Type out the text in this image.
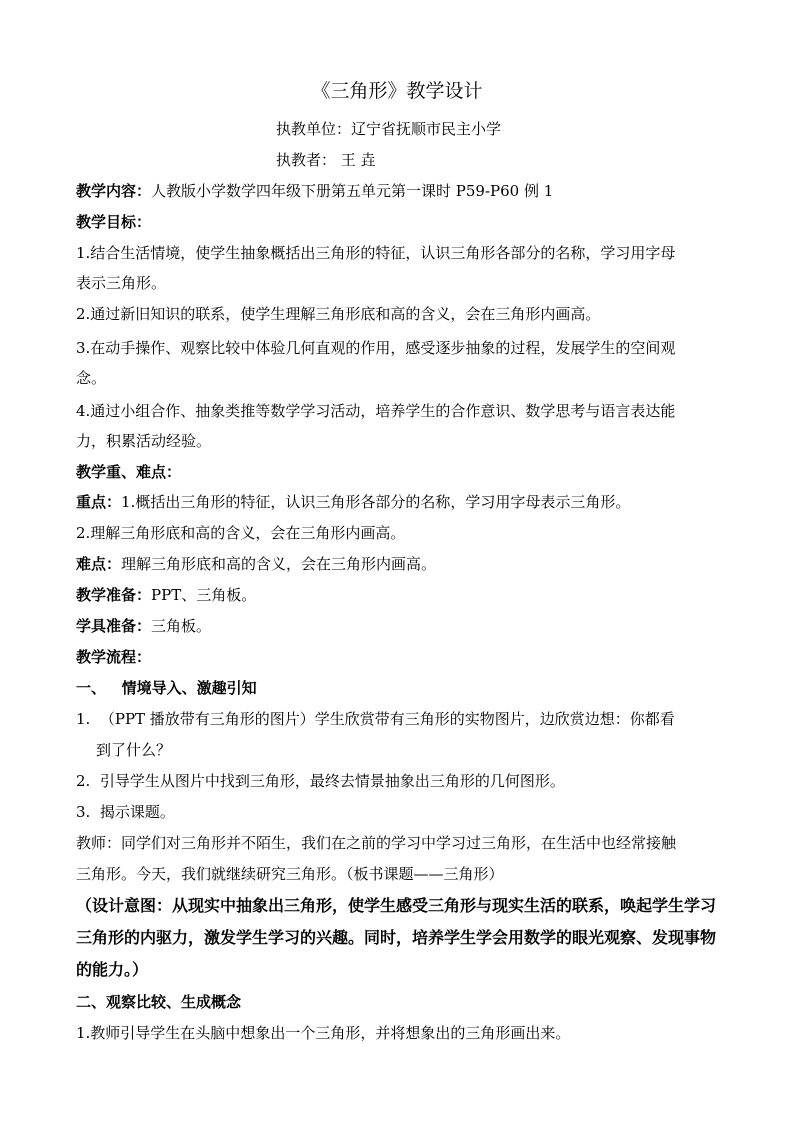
《三角形》教学设计
执教单位：辽宁省抚顺市民主小学
执教者： 王 垚
教学内容：人教版小学数学四年级下册第五单元第一课时 P59-P60 例 1
教学目标：
1.结合生活情境，使学生抽象概括出三角形的特征，认识三角形各部分的名称，学习用字母
表示三角形。
2.通过新旧知识的联系，使学生理解三角形底和高的含义，会在三角形内画高。
3.在动手操作、观察比较中体验几何直观的作用，感受逐步抽象的过程，发展学生的空间观
念。
4.通过小组合作、抽象类推等数学学习活动，培养学生的合作意识、数学思考与语言表达能
力，积累活动经验。
教学重、难点：
重点：1.概括出三角形的特征，认识三角形各部分的名称，学习用字母表示三角形。
2.理解三角形底和高的含义，会在三角形内画高。
难点：理解三角形底和高的含义，会在三角形内画高。
教学准备：PPT、三角板。
学具准备：三角板。
教学流程：
一、   情境导入、激趣引知
1.  （PPT 播放带有三角形的图片）学生欣赏带有三角形的实物图片，边欣赏边想：你都看
到了什么？
2.  引导学生从图片中找到三角形，最终去情景抽象出三角形的几何图形。
3.  揭示课题。
教师：同学们对三角形并不陌生，我们在之前的学习中学习过三角形，在生活中也经常接触
三角形。今天，我们就继续研究三角形。（板书课题——三角形）
（设计意图：从现实中抽象出三角形，使学生感受三角形与现实生活的联系，唤起学生学习
三角形的内驱力，激发学生学习的兴趣。同时，培养学生学会用数学的眼光观察、发现事物
的能力。）
二、观察比较、生成概念
1.教师引导学生在头脑中想象出一个三角形，并将想象出的三角形画出来。
